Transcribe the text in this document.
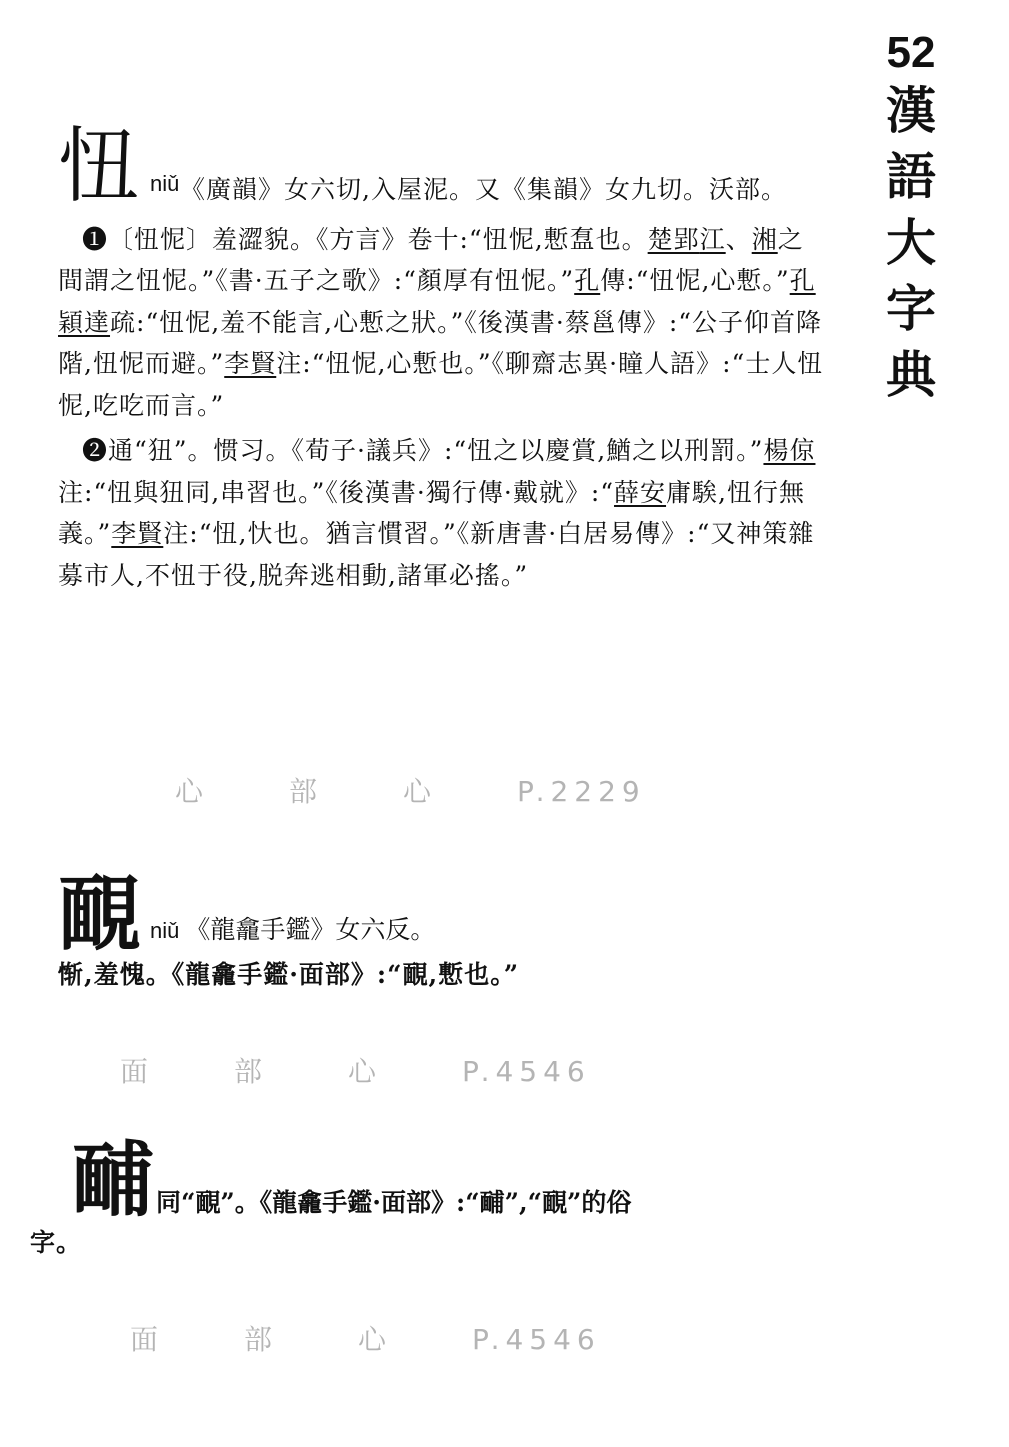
52
漢
語
大
字
典
忸 niǔ 《廣韻》女六切,入屋泥。又《集韻》女九切。沃部。

❶〔忸怩〕羞澀貌。《方言》卷十:“忸怩,慙䀁也。楚郢江、湘之間謂之忸怩。”《書·五子之歌》:“顏厚有忸怩。”孔傳:“忸怩,心慙。”孔穎達疏:“忸怩,羞不能言,心慙之狀。”《後漢書·蔡邕傳》:“公子仰首降階,忸怩而避。”李賢注:“忸怩,心慙也。”《聊齋志異·瞳人語》:“士人忸怩,吃吃而言。”

❷通“狃”。惯习。《荀子·議兵》:“忸之以慶賞,鰌之以刑罰。”楊倞注:“忸與狃同,串習也。”《後漢書·獨行傳·戴就》:“薛安庸騃,忸行無義。”李賢注:“忸,忕也。猶言慣習。”《新唐書·白居易傳》:“又神策雜募市人,不忸于役,脱奔逃相動,諸軍必搖。”

心	部	心	P.2229
靦 niǔ 《龍龕手鑑》女六反。

惭,羞愧。《龍龕手鑑·面部》:“靦,慙也。”

面	部	心	P.4546
䩉 同“靦”。《龍龕手鑑·面部》:“䩉”,“靦”的俗

字。

面	部	心	P.4546
